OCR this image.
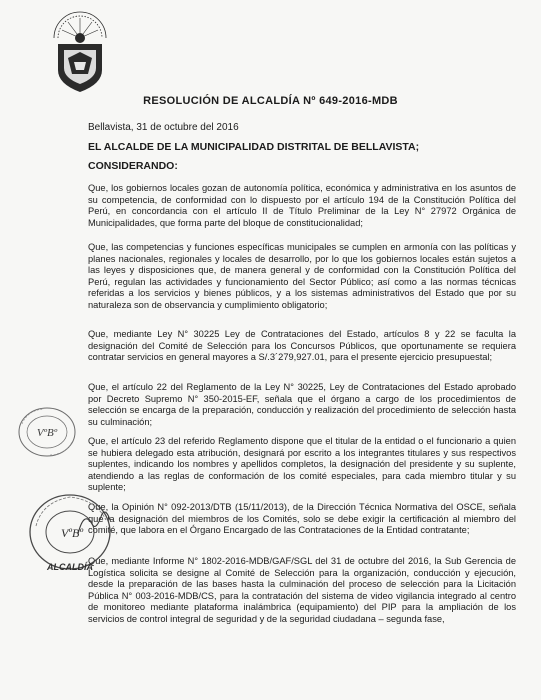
RESOLUCIÓN DE ALCALDÍA Nº 649-2016-MDB
Bellavista, 31 de octubre del 2016
EL ALCALDE DE LA MUNICIPALIDAD DISTRITAL DE BELLAVISTA;
CONSIDERANDO:

Que, los gobiernos locales gozan de autonomía política, económica y administrativa en los asuntos de su competencia, de conformidad con lo dispuesto por el artículo 194 de la Constitución Política del Perú, en concordancia con el artículo II de Título Preliminar de la Ley N° 27972 Orgánica de Municipalidades, que forma parte del bloque de constitucionalidad;

Que, las competencias y funciones específicas municipales se cumplen en armonía con las políticas y planes nacionales, regionales y locales de desarrollo, por lo que los gobiernos locales están sujetos a las leyes y disposiciones que, de manera general y de conformidad con la Constitución Política del Perú, regulan las actividades y funcionamiento del Sector Público; así como a las normas técnicas referidas a los servicios y bienes públicos, y a los sistemas administrativos del Estado que por su naturaleza son de observancia y cumplimiento obligatorio;

Que, mediante Ley N° 30225 Ley de Contrataciones del Estado, artículos 8 y 22 se faculta la designación del Comité de Selección para los Concursos Públicos, que oportunamente se requiera contratar servicios en general mayores a S/.3´279,927.01, para el presente ejercicio presupuestal;

Que, el artículo 22 del Reglamento de la Ley N° 30225, Ley de Contrataciones del Estado aprobado por Decreto Supremo N° 350-2015-EF, señala que el órgano a cargo de los procedimientos de selección se encarga de la preparación, conducción y realización del procedimiento de selección hasta su culminación;

Que, el artículo 23 del referido Reglamento dispone que el titular de la entidad o el funcionario a quien se hubiera delegado esta atribución, designará por escrito a los integrantes titulares y sus respectivos suplentes, indicando los nombres y apellidos completos, la designación del presidente y su suplente, atendiendo a las reglas de conformación de los comité especiales, para cada miembro titular y su suplente;

Que, la Opinión N° 092-2013/DTB (15/11/2013), de la Dirección Técnica Normativa del OSCE, señala que la designación del miembros de los Comités, solo se debe exigir la certificación al miembro del comité, que labora en el Órgano Encargado de las Contrataciones de la Entidad contratante;

Que, mediante Informe N° 1802-2016-MDB/GAF/SGL del 31 de octubre del 2016, la Sub Gerencia de Logística solicita se designe al Comité de Selección para la organización, conducción y ejecución, desde la preparación de las bases hasta la culminación del proceso de selección para la Licitación Pública N° 003-2016-MDB/CS, para la contratación del sistema de video vigilancia integrado al centro de monitoreo mediante plataforma inalámbrica (equipamiento) del PIP para la ampliación de los servicios de control integral de seguridad y de la seguridad ciudadana – segunda fase,

VºBº
VºBº
ALCALDÍA
